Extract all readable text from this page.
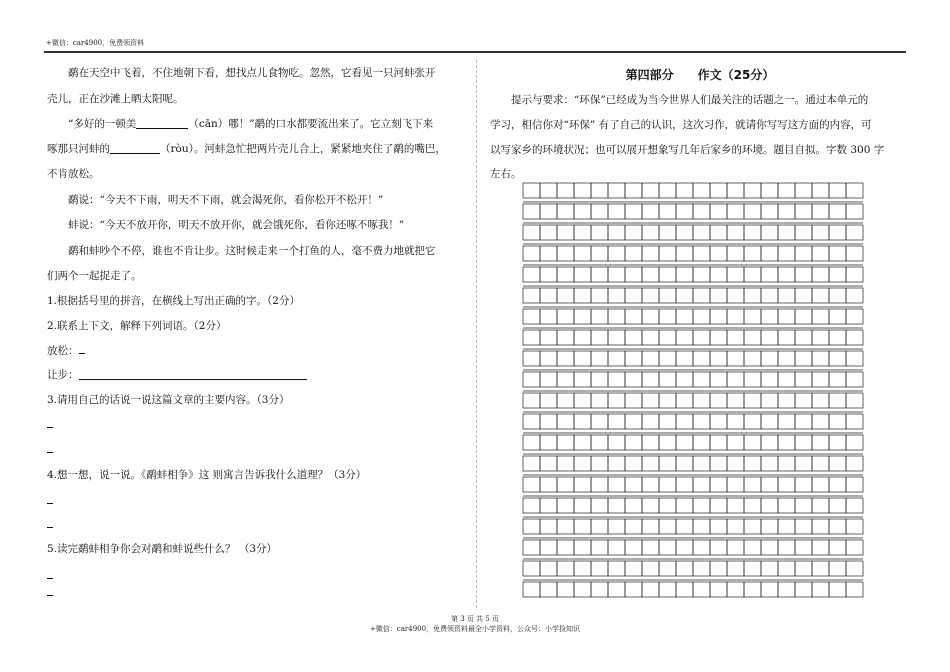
+微信：car4900，免费领资料
鹬在天空中飞着，不住地朝下看，想找点儿食物吃。忽然，它看见一只河蚌张开
壳儿，正在沙滩上晒太阳呢。
“多好的一顿美	（cān）哪！”鹬的口水都要流出来了。它立刻飞下来
啄那只河蚌的	（ròu）。河蚌急忙把两片壳儿合上，紧紧地夹住了鹬的嘴巴，
不肯放松。
鹬说：“今天不下雨，明天不下雨，就会渴死你，看你松开不松开！”
蚌说：“今天不放开你，明天不放开你，就会饿死你，看你还啄不啄我！”
鹬和蚌吵个不停，谁也不肯让步。这时候走来一个打鱼的人，毫不费力地就把它
们两个一起捉走了。
1.根据括号里的拼音，在横线上写出正确的字。（2分）
2.联系上下文，解释下列词语。（2分）
放松：
让步：
3.请用自己的话说一说这篇文章的主要内容。（3分）
4.想一想，说一说。《鹬蚌相争》这 则寓言告诉我什么道理？（3分）
5.读完鹬蚌相争你会对鹬和蚌说些什么？ （3分）
第四部分 作文（25分）
提示与要求：“环保”已经成为当今世界人们最关注的话题之一。通过本单元的
学习，相信你对“环保” 有了自己的认识，这次习作，就请你写写这方面的内容，可
以写家乡的环境状况；也可以展开想象写几年后家乡的环境。题目自拟。字数 300 字
左右。
第 3 页 共 5 页
+微信：car4900，免费领资料最全小学资料，公众号：小学捡知识
